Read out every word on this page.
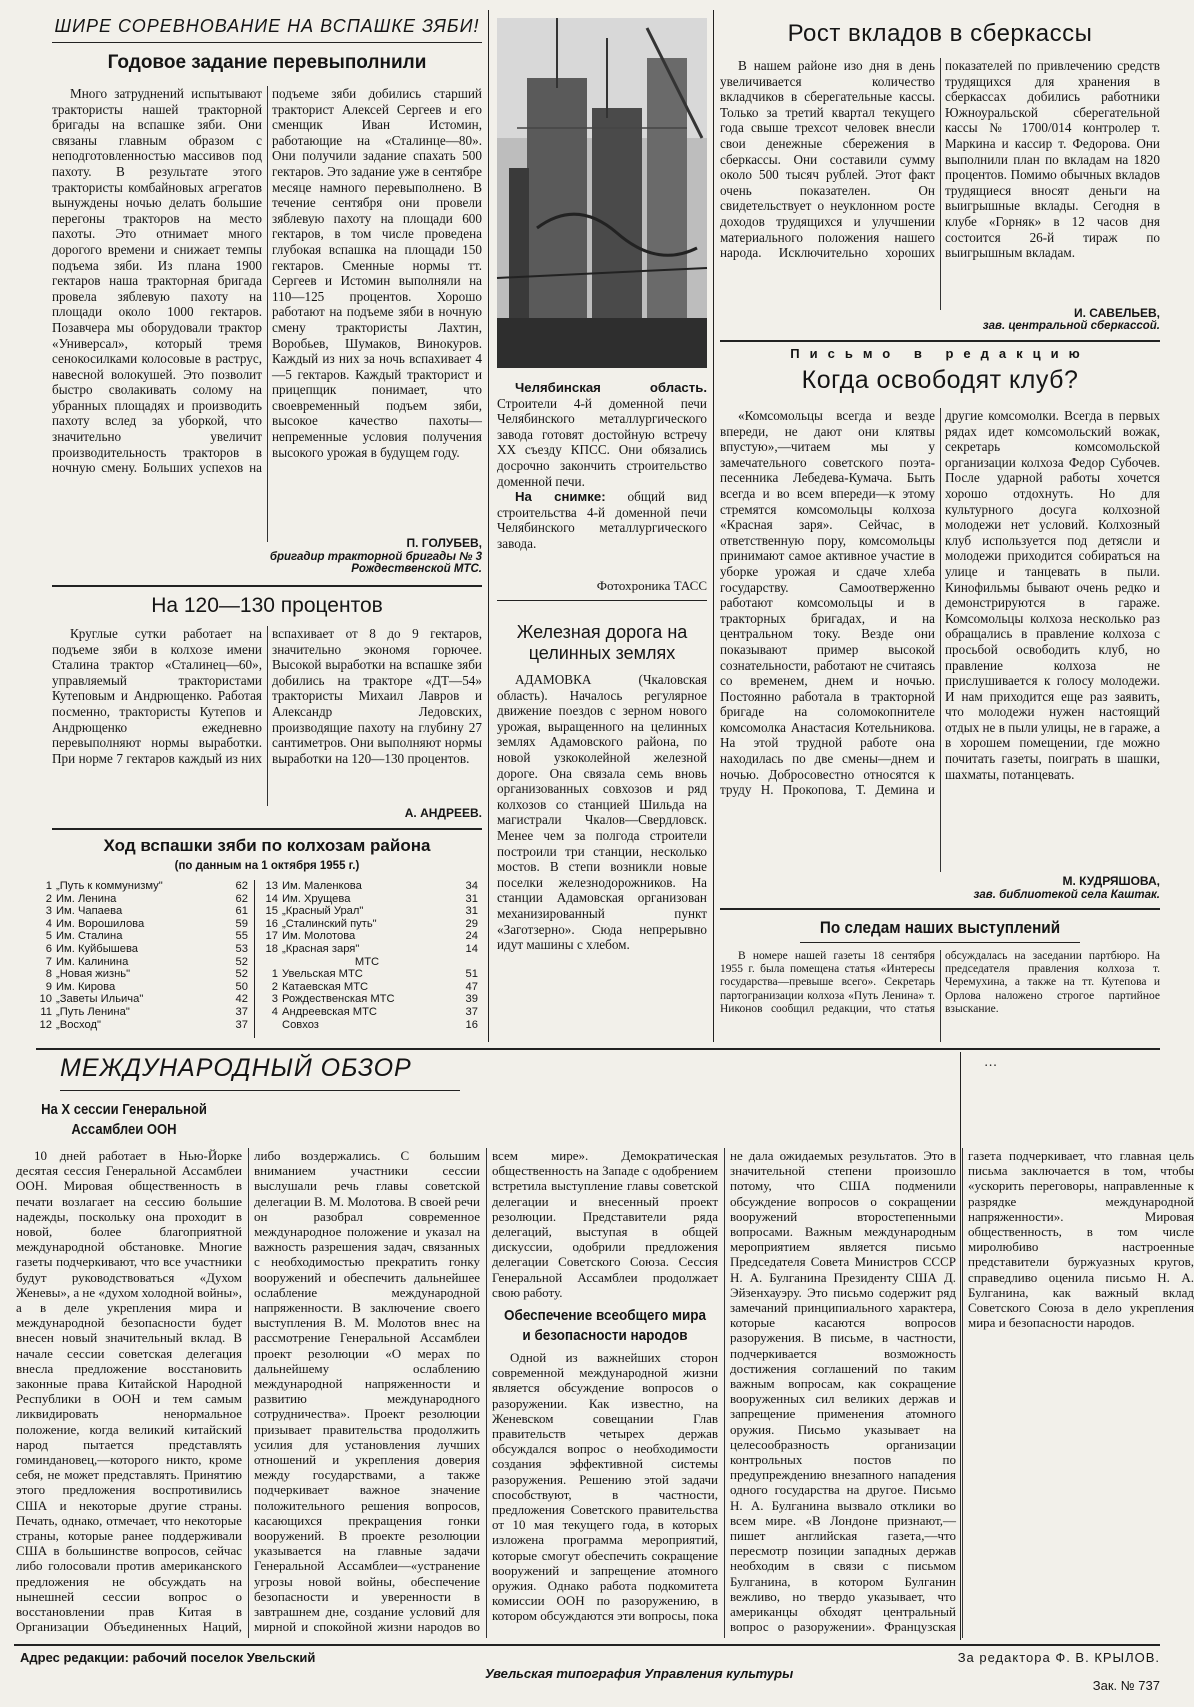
ШИРЕ СОРЕВНОВАНИЕ НА ВСПАШКЕ ЗЯБИ!
Годовое задание перевыполнили

Много затруднений испытывают трактористы нашей тракторной бригады на вспашке зяби. Они связаны главным образом с неподготовленностью массивов под пахоту. В результате этого трактористы комбайновых агрегатов вынуждены ночью делать большие перегоны тракторов на место пахоты. Это отнимает много дорогого времени и снижает темпы подъема зяби. Из плана 1900 гектаров наша тракторная бригада провела зяблевую пахоту на площади около 1000 гектаров. Позавчера мы оборудовали трактор «Универсал», который тремя сенокосилками колосовые в раструс, навесной волокушей. Это позволит быстро сволакивать солому на убранных площадях и производить пахоту вслед за уборкой, что значительно увеличит производительность тракторов в ночную смену. Больших успехов на подъеме зяби добились старший тракторист Алексей Сергеев и его сменщик Иван Истомин, работающие на «Сталинце—80». Они получили задание спахать 500 гектаров. Это задание уже в сентябре месяце намного перевыполнено. В течение сентября они провели зяблевую пахоту на площади 600 гектаров, в том числе проведена глубокая вспашка на площади 150 гектаров. Сменные нормы тт. Сергеев и Истомин выполняли на 110—125 процентов. Хорошо работают на подъеме зяби в ночную смену трактористы Лахтин, Воробьев, Шумаков, Винокуров. Каждый из них за ночь вспахивает 4—5 гектаров. Каждый тракторист и прицепщик понимает, что своевременный подъем зяби, высокое качество пахоты—непременные условия получения высокого урожая в будущем году.

П. ГОЛУБЕВ,
бригадир тракторной бригады № 3 Рождественской МТС.
На 120—130 процентов

Круглые сутки работает на подъеме зяби в колхозе имени Сталина трактор «Сталинец—60», управляемый трактористами Кутеповым и Андрющенко. Работая посменно, трактористы Кутепов и Андрющенко ежедневно перевыполняют нормы выработки. При норме 7 гектаров каждый из них вспахивает от 8 до 9 гектаров, значительно экономя горючее. Высокой выработки на вспашке зяби добились на тракторе «ДТ—54» трактористы Михаил Лавров и Александр Ледовских, производящие пахоту на глубину 27 сантиметров. Они выполняют нормы выработки на 120—130 процентов.

А. АНДРЕЕВ.
Ход вспашки зяби по колхозам района
(по данным на 1 октября 1955 г.)
1	„Путь к коммунизму"	62
2	Им. Ленина	62
3	Им. Чапаева	61
4	Им. Ворошилова	59
5	Им. Сталина	55
6	Им. Куйбышева	53
7	Им. Калинина	52
8	„Новая жизнь"	52
9	Им. Кирова	50
10	„Заветы Ильича"	42
11	„Путь Ленина"	37
12	„Восход"	37
13	Им. Маленкова	34
14	Им. Хрущева	31
15	„Красный Урал"	31
16	„Сталинский путь"	29
17	Им. Молотова	24
18	„Красная заря"	14
	МТС	
1	Увельская МТС	51
2	Катаевская МТС	47
3	Рождественская МТС	39
4	Андреевская МТС	37
	Совхоз	16

Челябинская область. Строители 4-й доменной печи Челябинского металлургического завода готовят достойную встречу XX съезду КПСС. Они обязались досрочно закончить строительство доменной печи.

На снимке: общий вид строительства 4-й доменной печи Челябинского металлургического завода.

Фотохроника ТАСС
Железная дорога на целинных землях

АДАМОВКА (Чкаловская область). Началось регулярное движение поездов с зерном нового урожая, выращенного на целинных землях Адамовского района, по новой узкоколейной железной дороге. Она связала семь вновь организованных совхозов и ряд колхозов со станцией Шильда на магистрали Чкалов—Свердловск. Менее чем за полгода строители построили три станции, несколько мостов. В степи возникли новые поселки железнодорожников. На станции Адамовская организован механизированный пункт «Заготзерно». Сюда непрерывно идут машины с хлебом.

Рост вкладов в сберкассы

В нашем районе изо дня в день увеличивается количество вкладчиков в сберегательные кассы. Только за третий квартал текущего года свыше трехсот человек внесли свои денежные сбережения в сберкассы. Они составили сумму около 500 тысяч рублей. Этот факт очень показателен. Он свидетельствует о неуклонном росте доходов трудящихся и улучшении материального положения нашего народа. Исключительно хороших показателей по привлечению средств трудящихся для хранения в сберкассах добились работники Южноуральской сберегательной кассы № 1700/014 контролер т. Маркина и кассир т. Федорова. Они выполнили план по вкладам на 1820 процентов. Помимо обычных вкладов трудящиеся вносят деньги на выигрышные вклады. Сегодня в клубе «Горняк» в 12 часов дня состоится 26-й тираж по выигрышным вкладам.

И. САВЕЛЬЕВ,
зав. центральной сберкассой.
Письмо в редакцию
Когда освободят клуб?

«Комсомольцы всегда и везде впереди, не дают они клятвы впустую»,—читаем мы у замечательного советского поэта-песенника Лебедева-Кумача. Быть всегда и во всем впереди—к этому стремятся комсомольцы колхоза «Красная заря». Сейчас, в ответственную пору, комсомольцы принимают самое активное участие в уборке урожая и сдаче хлеба государству. Самоотверженно работают комсомольцы и в тракторных бригадах, и на центральном току. Везде они показывают пример высокой сознательности, работают не считаясь со временем, днем и ночью. Постоянно работала в тракторной бригаде на соломокопнителе комсомолка Анастасия Котельникова. На этой трудной работе она находилась по две смены—днем и ночью. Добросовестно относятся к труду Н. Прокопова, Т. Демина и другие комсомолки. Всегда в первых рядах идет комсомольский вожак, секретарь комсомольской организации колхоза Федор Субочев. После ударной работы хочется хорошо отдохнуть. Но для культурного досуга колхозной молодежи нет условий. Колхозный клуб используется под детясли и молодежи приходится собираться на улице и танцевать в пыли. Кинофильмы бывают очень редко и демонстрируются в гараже. Комсомольцы колхоза несколько раз обращались в правление колхоза с просьбой освободить клуб, но правление колхоза не прислушивается к голосу молодежи. И нам приходится еще раз заявить, что молодежи нужен настоящий отдых не в пыли улицы, не в гараже, а в хорошем помещении, где можно почитать газеты, поиграть в шашки, шахматы, потанцевать.

М. КУДРЯШОВА,
зав. библиотекой села Каштак.
По следам наших выступлений

В номере нашей газеты 18 сентября 1955 г. была помещена статья «Интересы государства—превыше всего». Секретарь партогранизации колхоза «Путь Ленина» т. Никонов сообщил редакции, что статья обсуждалась на заседании партбюро. На председателя правления колхоза т. Черемухина, а также на тт. Кутепова и Орлова наложено строгое партийное взыскание.

МЕЖДУНАРОДНЫЙ ОБЗОР
На X сессии Генеральной Ассамблеи ООН

10 дней работает в Нью-Йорке десятая сессия Генеральной Ассамблеи ООН. Мировая общественность в печати возлагает на сессию большие надежды, поскольку она проходит в новой, более благоприятной международной обстановке. Многие газеты подчеркивают, что все участники будут руководствоваться «Духом Женевы», а не «духом холодной войны», а в деле укрепления мира и международной безопасности будет внесен новый значительный вклад. В начале сессии советская делегация внесла предложение восстановить законные права Китайской Народной Республики в ООН и тем самым ликвидировать ненормальное положение, когда великий китайский народ пытается представлять гоминдановец,—которого никто, кроме себя, не может представлять. Принятию этого предложения воспротивились США и некоторые другие страны. Печать, однако, отмечает, что некоторые страны, которые ранее поддерживали США в большинстве вопросов, сейчас либо голосовали против американского предложения не обсуждать на нынешней сессии вопрос о восстановлении прав Китая в Организации Объединенных Наций, либо воздержались. С большим вниманием участники сессии выслушали речь главы советской делегации В. М. Молотова. В своей речи он разобрал современное международное положение и указал на важность разрешения задач, связанных с необходимостью прекратить гонку вооружений и обеспечить дальнейшее ослабление международной напряженности. В заключение своего выступления В. М. Молотов внес на рассмотрение Генеральной Ассамблеи проект резолюции «О мерах по дальнейшему ослаблению международной напряженности и развитию международного сотрудничества». Проект резолюции призывает правительства продолжить усилия для установления лучших отношений и укрепления доверия между государствами, а также подчеркивает важное значение положительного решения вопросов, касающихся прекращения гонки вооружений. В проекте резолюции указывается на главные задачи Генеральной Ассамблеи—«устранение угрозы новой войны, обеспечение безопасности и уверенности в завтрашнем дне, создание условий для мирной и спокойной жизни народов во всем мире». Демократическая общественность на Западе с одобрением встретила выступление главы советской делегации и внесенный проект резолюции. Представители ряда делегаций, выступая в общей дискуссии, одобрили предложения делегации Советского Союза. Сессия Генеральной Ассамблеи продолжает свою работу.

Обеспечение всеобщего мира и безопасности народов

Одной из важнейших сторон современной международной жизни является обсуждение вопросов о разоружении. Как известно, на Женевском совещании Глав правительств четырех держав обсуждался вопрос о необходимости создания эффективной системы разоружения. Решению этой задачи способствуют, в частности, предложения Советского правительства от 10 мая текущего года, в которых изложена программа мероприятий, которые смогут обеспечить сокращение вооружений и запрещение атомного оружия. Однако работа подкомитета комиссии ООН по разоружению, в котором обсуждаются эти вопросы, пока не дала ожидаемых результатов. Это в значительной степени произошло потому, что США подменили обсуждение вопросов о сокращении вооружений второстепенными вопросами. Важным международным мероприятием является письмо Председателя Совета Министров СССР Н. А. Булганина Президенту США Д. Эйзенхауэру. Это письмо содержит ряд замечаний принципиального характера, которые касаются вопросов разоружения. В письме, в частности, подчеркивается возможность достижения соглашений по таким важным вопросам, как сокращение вооруженных сил великих держав и запрещение применения атомного оружия. Письмо указывает на целесообразность организации контрольных постов по предупреждению внезапного нападения одного государства на другое. Письмо Н. А. Булганина вызвало отклики во всем мире. «В Лондоне признают,—пишет английская газета,—что пересмотр позиции западных держав необходим в связи с письмом Булганина, в котором Булганин вежливо, но твердо указывает, что американцы обходят центральный вопрос о разоружении». Французская газета подчеркивает, что главная цель письма заключается в том, чтобы «ускорить переговоры, направленные к разрядке международной напряженности». Мировая общественность, в том числе миролюбиво настроенные представители буржуазных кругов, справедливо оценила письмо Н. А. Булганина, как важный вклад Советского Союза в дело укрепления мира и безопасности народов.

…

Адрес редакции: рабочий поселок Увельский
Увельская типография Управления культуры
За редактора Ф. В. КРЫЛОВ.
Зак. № 737
